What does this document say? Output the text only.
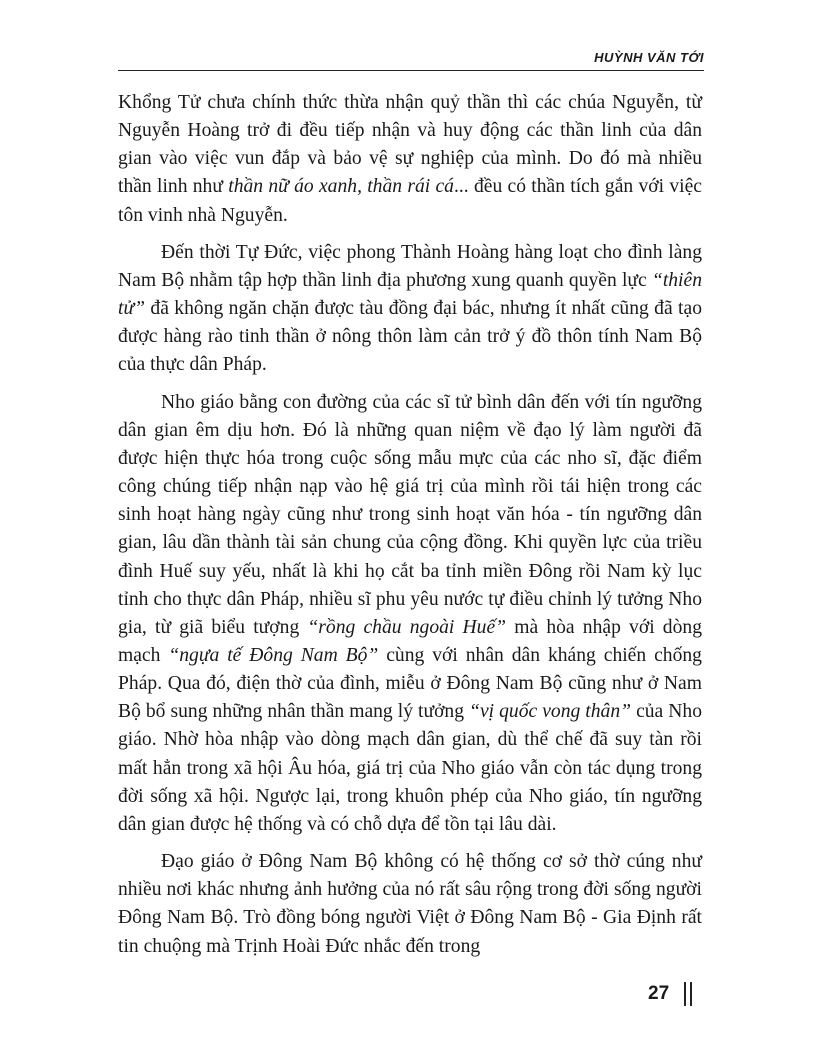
HUỲNH VĂN TỚI

Khổng Tử chưa chính thức thừa nhận quỷ thần thì các chúa Nguyễn, từ Nguyễn Hoàng trở đi đều tiếp nhận và huy động các thần linh của dân gian vào việc vun đắp và bảo vệ sự nghiệp của mình. Do đó mà nhiều thần linh như thần nữ áo xanh, thần rái cá... đều có thần tích gắn với việc tôn vinh nhà Nguyễn.

Đến thời Tự Đức, việc phong Thành Hoàng hàng loạt cho đình làng Nam Bộ nhằm tập hợp thần linh địa phương xung quanh quyền lực “thiên tử” đã không ngăn chặn được tàu đồng đại bác, nhưng ít nhất cũng đã tạo được hàng rào tinh thần ở nông thôn làm cản trở ý đồ thôn tính Nam Bộ của thực dân Pháp.

Nho giáo bằng con đường của các sĩ tử bình dân đến với tín ngưỡng dân gian êm dịu hơn. Đó là những quan niệm về đạo lý làm người đã được hiện thực hóa trong cuộc sống mẫu mực của các nho sĩ, đặc điểm công chúng tiếp nhận nạp vào hệ giá trị của mình rồi tái hiện trong các sinh hoạt hàng ngày cũng như trong sinh hoạt văn hóa - tín ngưỡng dân gian, lâu dần thành tài sản chung của cộng đồng. Khi quyền lực của triều đình Huế suy yếu, nhất là khi họ cắt ba tỉnh miền Đông rồi Nam kỳ lục tỉnh cho thực dân Pháp, nhiều sĩ phu yêu nước tự điều chỉnh lý tưởng Nho gia, từ giã biểu tượng “rồng chầu ngoài Huế” mà hòa nhập với dòng mạch “ngựa tế Đông Nam Bộ” cùng với nhân dân kháng chiến chống Pháp. Qua đó, điện thờ của đình, miễu ở Đông Nam Bộ cũng như ở Nam Bộ bổ sung những nhân thần mang lý tưởng “vị quốc vong thân” của Nho giáo. Nhờ hòa nhập vào dòng mạch dân gian, dù thể chế đã suy tàn rồi mất hẳn trong xã hội Âu hóa, giá trị của Nho giáo vẫn còn tác dụng trong đời sống xã hội. Ngược lại, trong khuôn phép của Nho giáo, tín ngưỡng dân gian được hệ thống và có chỗ dựa để tồn tại lâu dài.

Đạo giáo ở Đông Nam Bộ không có hệ thống cơ sở thờ cúng như nhiều nơi khác nhưng ảnh hưởng của nó rất sâu rộng trong đời sống người Đông Nam Bộ. Trò đồng bóng người Việt ở Đông Nam Bộ - Gia Định rất tin chuộng mà Trịnh Hoài Đức nhắc đến trong

27
